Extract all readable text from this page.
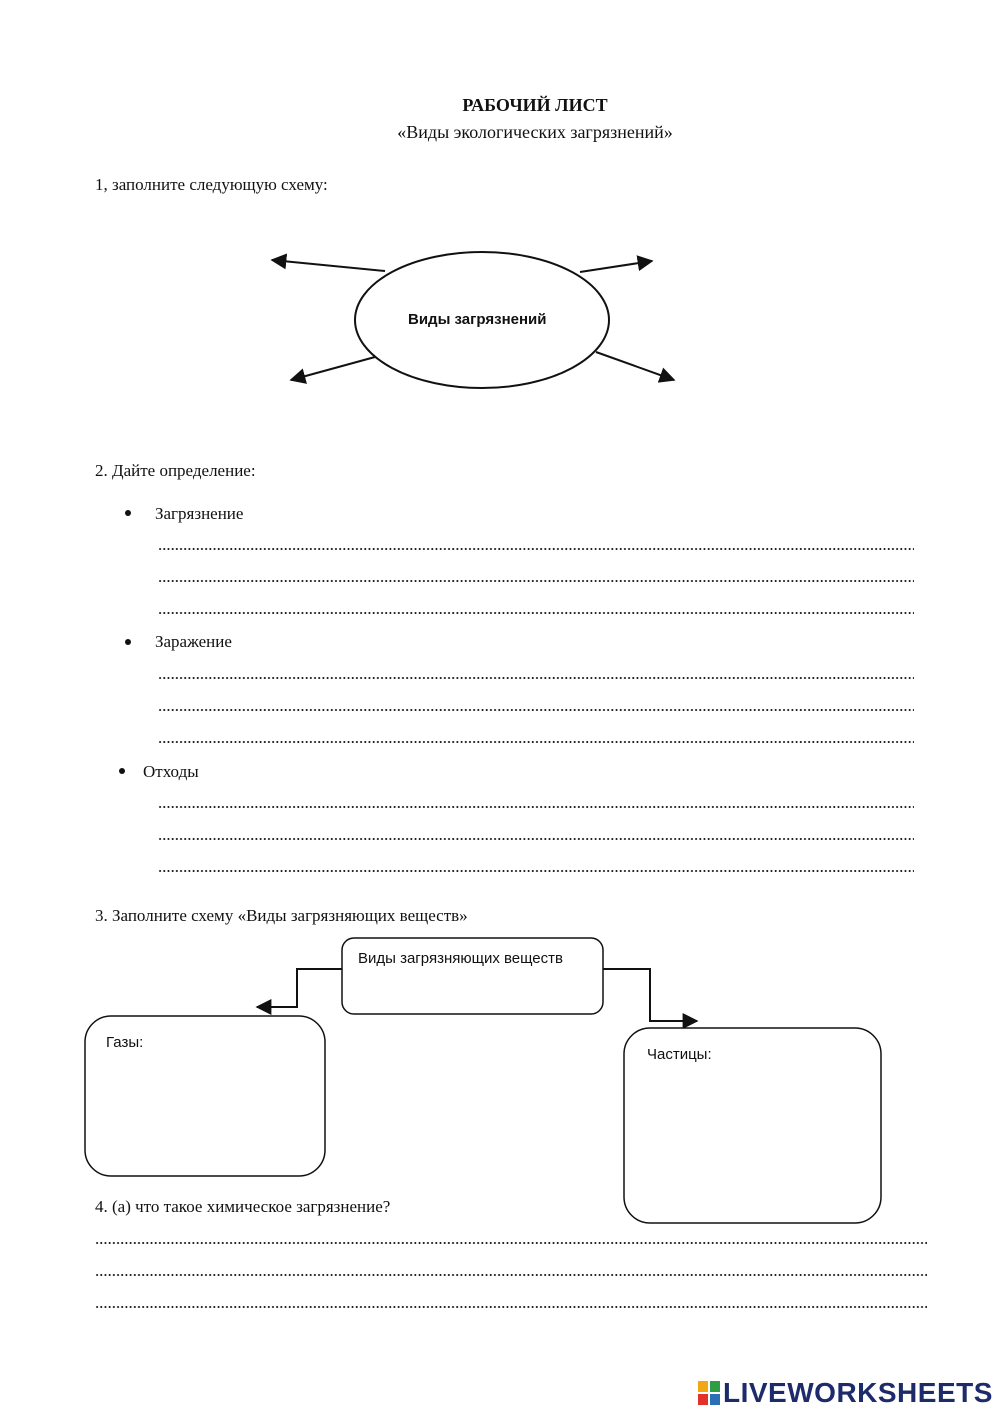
РАБОЧИЙ ЛИСТ
«Виды экологических загрязнений»
1, заполните следующую схему:
Виды загрязнений
2. Дайте определение:
Загрязнение
Заражение
Отходы
3. Заполните схему «Виды загрязняющих веществ»
Виды загрязняющих веществ
Газы:
Частицы:
4. (а) что такое химическое загрязнение?
LIVEWORKSHEETS
